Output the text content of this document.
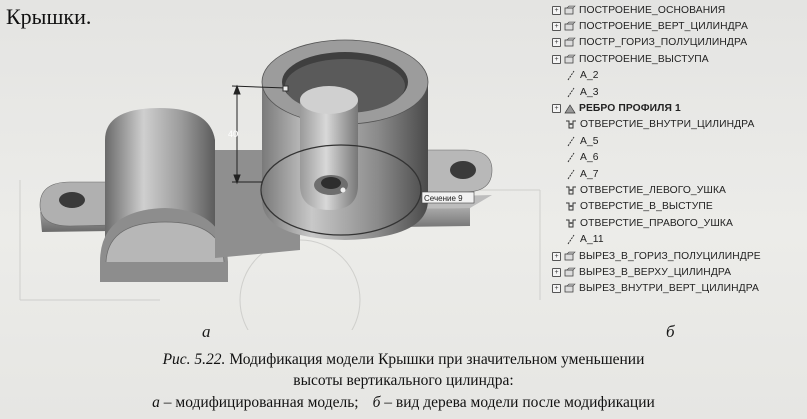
Крышки.
40
Сечение 9
+ ПОСТРОЕНИЕ_ОСНОВАНИЯ
+ ПОСТРОЕНИЕ_ВЕРТ_ЦИЛИНДРА
+ ПОСТР_ГОРИЗ_ПОЛУЦИЛИНДРА
+ ПОСТРОЕНИЕ_ВЫСТУПА
A_2
A_3
+ РЕБРО ПРОФИЛЯ 1
ОТВЕРСТИЕ_ВНУТРИ_ЦИЛИНДРА
A_5
A_6
A_7
ОТВЕРСТИЕ_ЛЕВОГО_УШКА
ОТВЕРСТИЕ_В_ВЫСТУПЕ
ОТВЕРСТИЕ_ПРАВОГО_УШКА
A_11
+ ВЫРЕЗ_В_ГОРИЗ_ПОЛУЦИЛИНДРЕ
+ ВЫРЕЗ_В_ВЕРХУ_ЦИЛИНДРА
+ ВЫРЕЗ_ВНУТРИ_ВЕРТ_ЦИЛИНДРА
а	б
Рис. 5.22. Модификация модели Крышки при значительном уменьшении
высоты вертикального цилиндра:
а – модифицированная модель; б – вид дерева модели после модификации
